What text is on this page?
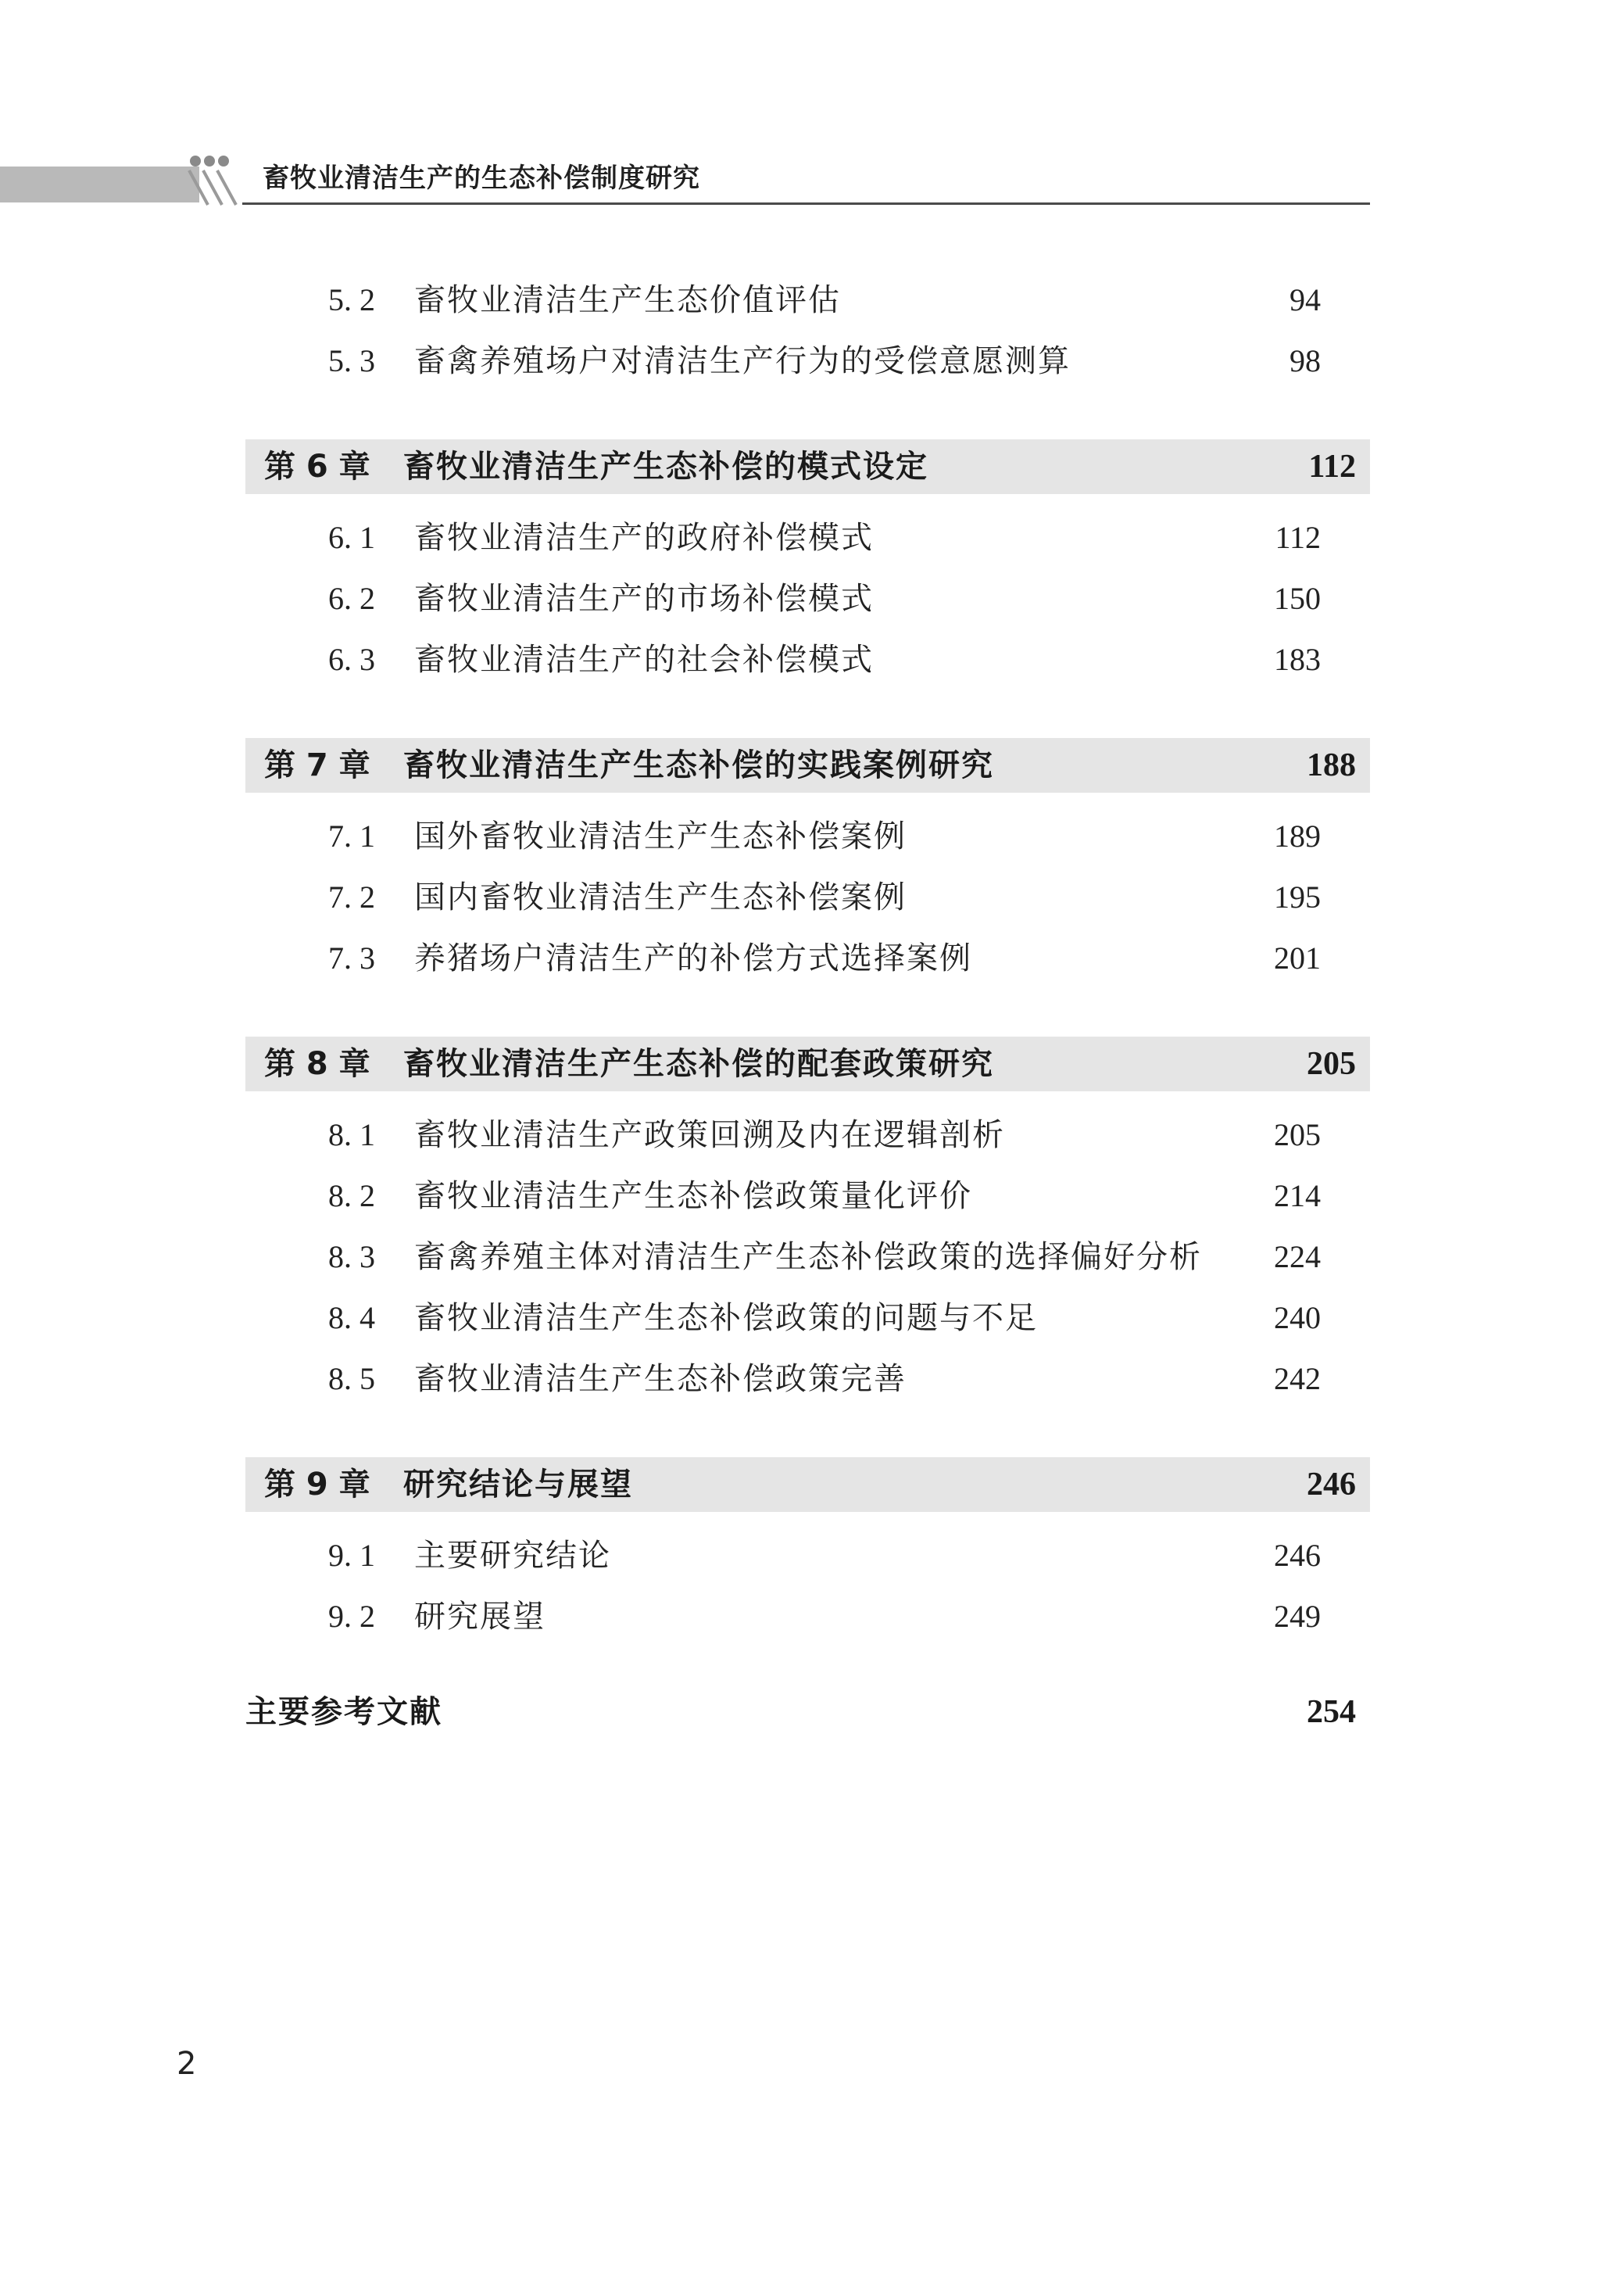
畜牧业清洁生产的生态补偿制度研究
5. 2 畜牧业清洁生产生态价值评估	94
5. 3 畜禽养殖场户对清洁生产行为的受偿意愿测算	98
第 6 章 畜牧业清洁生产生态补偿的模式设定	112
6. 1 畜牧业清洁生产的政府补偿模式	112
6. 2 畜牧业清洁生产的市场补偿模式	150
6. 3 畜牧业清洁生产的社会补偿模式	183
第 7 章 畜牧业清洁生产生态补偿的实践案例研究	188
7. 1 国外畜牧业清洁生产生态补偿案例	189
7. 2 国内畜牧业清洁生产生态补偿案例	195
7. 3 养猪场户清洁生产的补偿方式选择案例	201
第 8 章 畜牧业清洁生产生态补偿的配套政策研究	205
8. 1 畜牧业清洁生产政策回溯及内在逻辑剖析	205
8. 2 畜牧业清洁生产生态补偿政策量化评价	214
8. 3 畜禽养殖主体对清洁生产生态补偿政策的选择偏好分析 224
8. 4 畜牧业清洁生产生态补偿政策的问题与不足	240
8. 5 畜牧业清洁生产生态补偿政策完善	242
第 9 章 研究结论与展望	246
9. 1 主要研究结论	246
9. 2 研究展望	249
主要参考文献	254
2
